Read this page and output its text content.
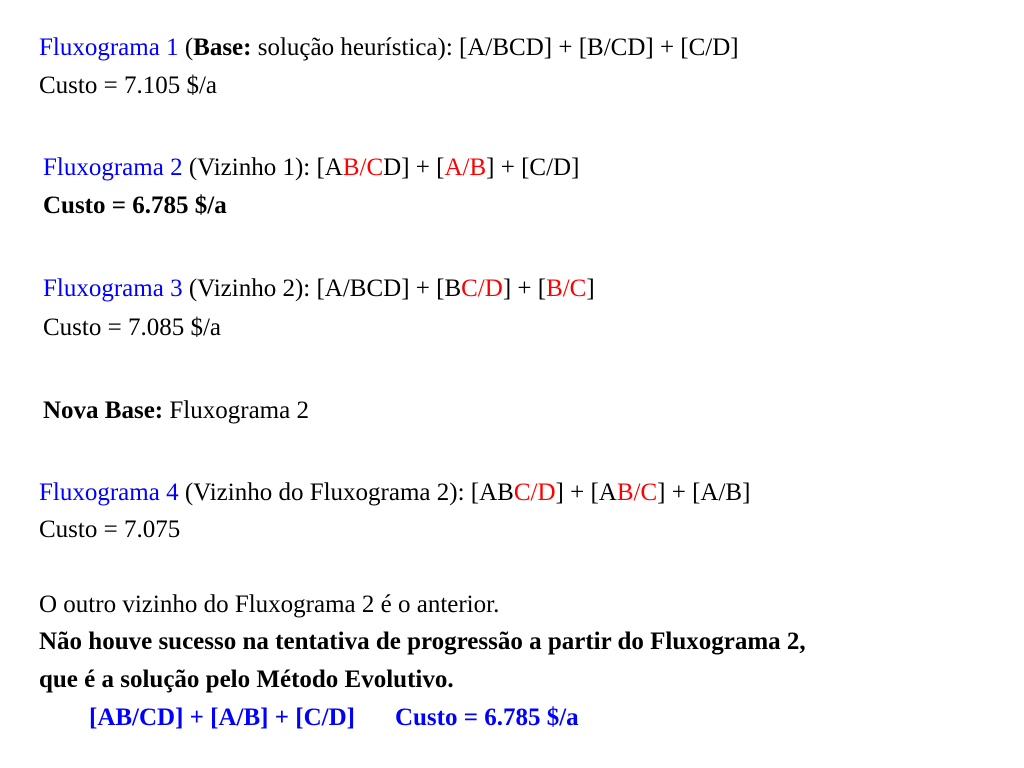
Fluxograma 1 (Base: solução heurística): [A/BCD] + [B/CD] + [C/D]
Custo = 7.105 $/a
Fluxograma 2 (Vizinho 1): [AB/CD] + [A/B] + [C/D]
Custo = 6.785 $/a
Fluxograma 3 (Vizinho 2): [A/BCD] + [BC/D] + [B/C]
Custo = 7.085 $/a
Nova Base: Fluxograma 2
Fluxograma 4 (Vizinho do Fluxograma 2): [ABC/D] + [AB/C] + [A/B]
Custo = 7.075
O outro vizinho do Fluxograma 2 é o anterior.
Não houve sucesso na tentativa de progressão a partir do Fluxograma 2,
que é a solução pelo Método Evolutivo.
[AB/CD] + [A/B] + [C/D] Custo = 6.785 $/a
